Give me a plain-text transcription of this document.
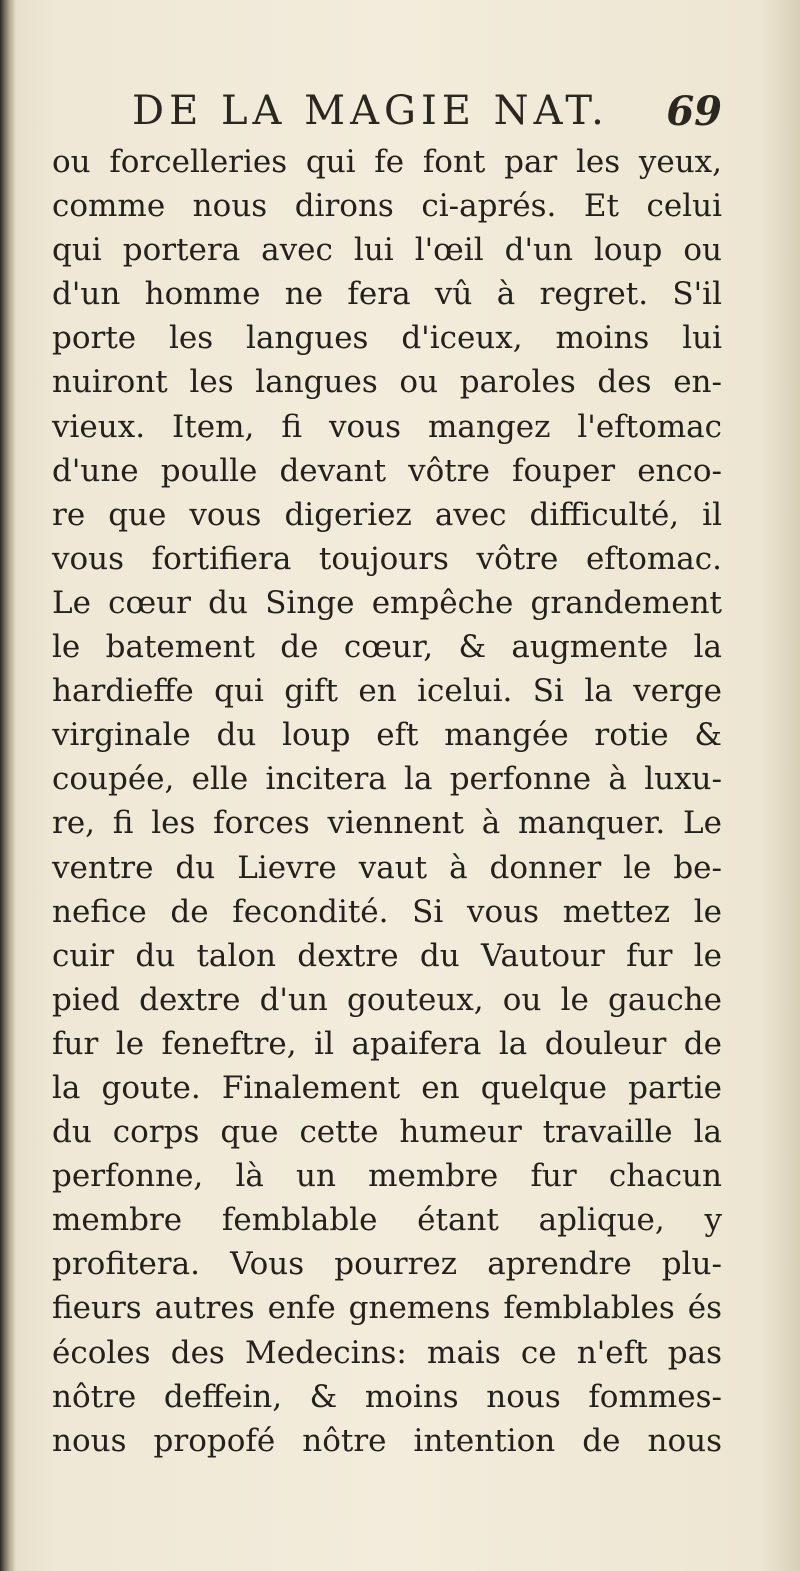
DE LA MAGIE NAT. 69
ou forcelleries qui fe font par les yeux,
comme nous dirons ci-aprés. Et celui
qui portera avec lui l'œil d'un loup ou
d'un homme ne fera vû à regret. S'il
porte les langues d'iceux, moins lui
nuiront les langues ou paroles des en-
vieux. Item, fi vous mangez l'eftomac
d'une poulle devant vôtre fouper enco-
re que vous digeriez avec difficulté, il
vous fortifiera toujours vôtre eftomac.
Le cœur du Singe empêche grandement
le batement de cœur, & augmente la
hardieffe qui gift en icelui. Si la verge
virginale du loup eft mangée rotie &
coupée, elle incitera la perfonne à luxu-
re, fi les forces viennent à manquer. Le
ventre du Lievre vaut à donner le be-
nefice de fecondité. Si vous mettez le
cuir du talon dextre du Vautour fur le
pied dextre d'un gouteux, ou le gauche
fur le feneftre, il apaifera la douleur de
la goute. Finalement en quelque partie
du corps que cette humeur travaille la
perfonne, là un membre fur chacun
membre femblable étant aplique, y
profitera. Vous pourrez aprendre plu-
fieurs autres enfe gnemens femblables és
écoles des Medecins: mais ce n'eft pas
nôtre deffein, & moins nous fommes-
nous propofé nôtre intention de nous
